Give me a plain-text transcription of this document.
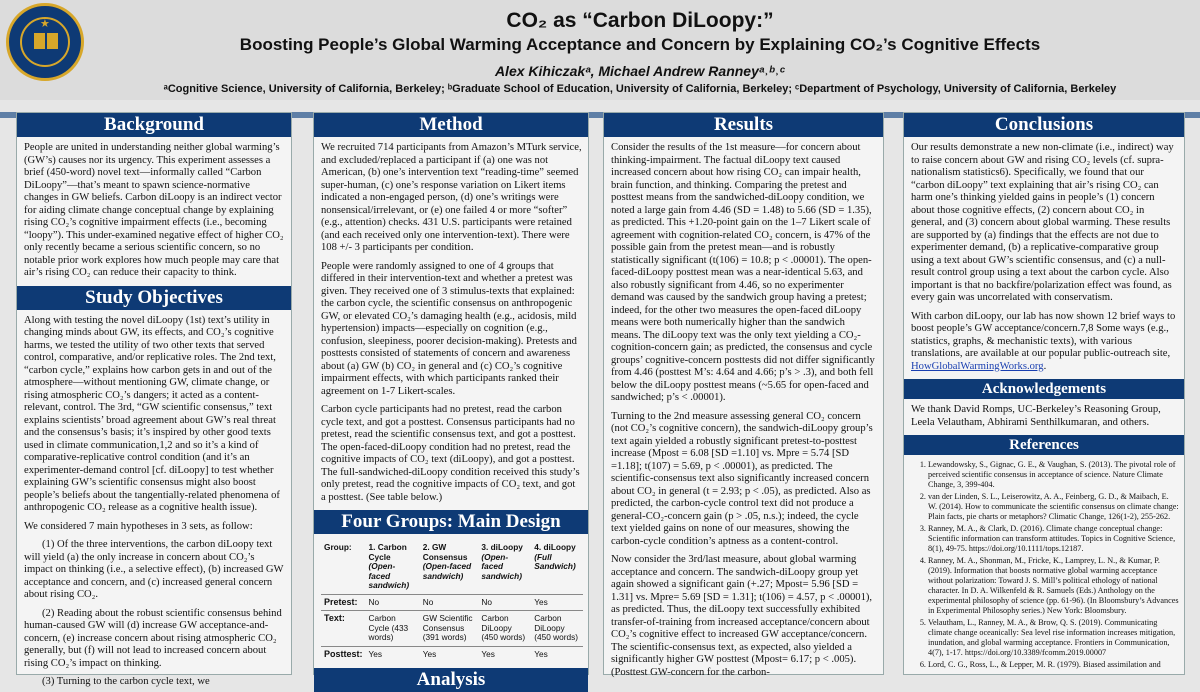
★	CO₂ as “Carbon DiLoopy:”
Boosting People’s Global Warming Acceptance and Concern by Explaining CO₂’s Cognitive Effects
Alex Kihiczakᵃ, Michael Andrew Ranneyᵃ˒ᵇ˒ᶜ
ᵃCognitive Science, University of California, Berkeley; ᵇGraduate School of Education, University of California, Berkeley; ᶜDepartment of Psychology, University of California, Berkeley
Background

People are united in understanding neither global warming’s (GW’s) causes nor its urgency. This experiment assesses a brief (450-word) novel text—informally called “Carbon DiLoopy”—that’s meant to spawn science-normative changes in GW beliefs. Carbon diLoopy is an indirect vector for aiding climate change conceptual change by explaining rising CO₂’s cognitive impairment effects (i.e., becoming “loopy”). This under-examined negative effect of higher CO₂ only recently became a serious scientific concern, so no notable prior work explores how much people may care that air’s rising CO₂ can reduce their capacity to think.

Study Objectives

Along with testing the novel diLoopy (1st) text’s utility in changing minds about GW, its effects, and CO₂’s cognitive harms, we tested the utility of two other texts that served control, comparative, and/or replicative roles. The 2nd text, “carbon cycle,” explains how carbon gets in and out of the atmosphere—without mentioning GW, climate change, or rising atmospheric CO₂’s dangers; it acted as a content-relevant, control. The 3rd, “GW scientific consensus,” text explains scientists’ broad agreement about GW’s real threat and the consensus’s basis; it’s inspired by other good texts used in climate communication,1,2 and so it’s a kind of comparative-replicative control condition (and it’s an experimenter-demand control [cf. diLoopy] to test whether explaining GW’s scientific consensus might also boost people’s beliefs about the tangentially-related phenomena of anthropogenic CO₂ release as a cognitive health issue).

We considered 7 main hypotheses in 3 sets, as follow:

(1) Of the three interventions, the carbon diLoopy text will yield (a) the only increase in concern about CO₂’s impact on thinking (i.e., a selective effect), (b) increased GW acceptance and concern, and (c) increased general concern about rising CO₂.

(2) Reading about the robust scientific consensus behind human-caused GW will (d) increase GW acceptance-and-concern, (e) increase concern about rising atmospheric CO₂ generally, but (f) will not lead to increased concern about rising CO₂’s impact on thinking.

(3) Turning to the carbon cycle text, we

Method

We recruited 714 participants from Amazon’s MTurk service, and excluded/replaced a participant if (a) one was not American, (b) one’s intervention text “reading-time” seemed super-human, (c) one’s response variation on Likert items indicated a non-engaged person, (d) one’s writings were nonsensical/irrelevant, or (e) one failed 4 or more “softer” (e.g., attention) checks. 431 U.S. participants were retained (and each received only one intervention-text). There were 108 +/- 3 participants per condition.

People were randomly assigned to one of 4 groups that differed in their intervention-text and whether a pretest was given. They received one of 3 stimulus-texts that explained: the carbon cycle, the scientific consensus on anthropogenic GW, or elevated CO₂’s damaging health (e.g., acidosis, mild hypertension) impacts—especially on cognition (e.g., confusion, sleepiness, poorer decision-making). Pretests and posttests consisted of statements of concern and awareness about (a) GW (b) CO₂ in general and (c) CO₂’s cognitive impairment effects, with which participants ranked their agreement on 1-7 Likert-scales.

Carbon cycle participants had no pretest, read the carbon cycle text, and got a posttest. Consensus participants had no pretest, read the scientific consensus text, and got a posttest. The open-faced-diLoopy condition had no pretest, read the cognitive impacts of CO₂ text (diLoopy), and got a posttest. The full-sandwiched-diLoopy condition received this study’s only pretest, read the cognitive impacts of CO₂ text, and got a posttest. (See table below.)

Four Groups: Main Design
Group:	1. Carbon Cycle (Open-faced sandwich)	2. GW Consensus (Open-faced sandwich)	3. diLoopy (Open-faced sandwich)	4. diLoopy (Full Sandwich)
Pretest:	No	No	No	Yes
Text:	Carbon Cycle (433 words)	GW Scientific Consensus (391 words)	Carbon DiLoopy (450 words)	Carbon DiLoopy (450 words)
Posttest:	Yes	Yes	Yes	Yes
Analysis
Results

Consider the results of the 1st measure—for concern about thinking-impairment. The factual diLoopy text caused increased concern about how rising CO₂ can impair health, brain function, and thinking. Comparing the pretest and posttest means from the sandwiched-diLoopy condition, we noted a large gain from 4.46 (SD = 1.48) to 5.66 (SD = 1.35), as predicted. This +1.20-point gain on the 1–7 Likert scale of agreement with cognition-related CO₂ concern, is 47% of the possible gain from the pretest mean—and is robustly statistically significant (t(106) = 10.8; p < .00001). The open-faced-diLoopy posttest mean was a near-identical 5.63, and also robustly significant from 4.46, so no experimenter demand was caused by the sandwich group having a pretest; indeed, for the other two measures the open-faced diLoopy means were both numerically higher than the sandwich means. The diLoopy text was the only text yielding a CO₂-cognition-concern gain; as predicted, the consensus and cycle groups’ cognitive-concern posttests did not differ significantly from 4.46 (posttest M’s: 4.64 and 4.66; p’s > .3), and both fell below the diLoopy posttest means (~5.65 for open-faced and sandwiched; p’s < .00001).

Turning to the 2nd measure assessing general CO₂ concern (not CO₂’s cognitive concern), the sandwich-diLoopy group’s text again yielded a robustly significant pretest-to-posttest increase (Mpost = 6.08 [SD =1.10] vs. Mpre = 5.74 [SD =1.18]; t(107) = 5.69, p < .00001), as predicted. The scientific-consensus text also significantly increased concern about CO₂ in general (t = 2.93; p < .05), as predicted. Also as predicted, the carbon-cycle control text did not produce a general-CO₂-concern gain (p > .05, n.s.); indeed, the cycle text yielded gains on none of our measures, showing the carbon-cycle condition’s aptness as a content-control.

Now consider the 3rd/last measure, about global warming acceptance and concern. The sandwich-diLoopy group yet again showed a significant gain (+.27; Mpost= 5.96 [SD = 1.31] vs. Mpre= 5.69 [SD = 1.31]; t(106) = 4.57, p < .00001), as predicted. Thus, the diLoopy text successfully exhibited transfer-of-training from increased acceptance/concern about CO₂’s cognitive effect to increased GW acceptance/concern. The scientific-consensus text, as expected, also yielded a significantly higher GW posttest (Mpost= 6.17; p < .005). (Posttest GW-concern for the carbon-

Conclusions

Our results demonstrate a new non-climate (i.e., indirect) way to raise concern about GW and rising CO₂ levels (cf. supra-nationalism statistics6). Specifically, we found that our “carbon diLoopy” text explaining that air’s rising CO₂ can harm one’s thinking yielded gains in people’s (1) concern about those cognitive effects, (2) concern about CO₂ in general, and (3) concern about global warming. These results are supported by (a) findings that the effects are not due to experimenter demand, (b) a replicative-comparative group using a text about GW’s scientific consensus, and (c) a null-result control group using a text about the carbon cycle. Also important is that no backfire/polarization effect was found, as every gain was uncorrelated with conservatism.

With carbon diLoopy, our lab has now shown 12 brief ways to boost people’s GW acceptance/concern.7,8 Some ways (e.g., statistics, graphs, & mechanistic texts), with various translations, are available at our popular public-outreach site, HowGlobalWarmingWorks.org.

Acknowledgements

We thank David Romps, UC-Berkeley’s Reasoning Group, Leela Velautham, Abhirami Senthilkumaran, and others.

References
1. Lewandowsky, S., Gignac, G. E., & Vaughan, S. (2013). The pivotal role of perceived scientific consensus in acceptance of science. Nature Climate Change, 3, 399-404.
2. van der Linden, S. L., Leiserowitz, A. A., Feinberg, G. D., & Maibach, E. W. (2014). How to communicate the scientific consensus on climate change: Plain facts, pie charts or metaphors? Climatic Change, 126(1-2), 255-262.
3. Ranney, M. A., & Clark, D. (2016). Climate change conceptual change: Scientific information can transform attitudes. Topics in Cognitive Science, 8(1), 49-75. https://doi.org/10.1111/tops.12187.
4. Ranney, M. A., Shonman, M., Fricke, K., Lamprey, L. N., & Kumar, P. (2019). Information that boosts normative global warming acceptance without polarization: Toward J. S. Mill’s political ethology of national character. In D. A. Wilkenfeld & R. Samuels (Eds.) Anthology on the experimental philosophy of science (pp. 61-96). (In Bloomsbury’s Advances in Experimental Philosophy series.) New York: Bloomsbury.
5. Velautham, L., Ranney, M. A., & Brow, Q. S. (2019). Communicating climate change oceanically: Sea level rise information increases mitigation, inundation, and global warming acceptance. Frontiers in Communication, 4(7), 1-17. https://doi.org/10.3389/fcomm.2019.00007
6. Lord, C. G., Ross, L., & Lepper, M. R. (1979). Biased assimilation and
